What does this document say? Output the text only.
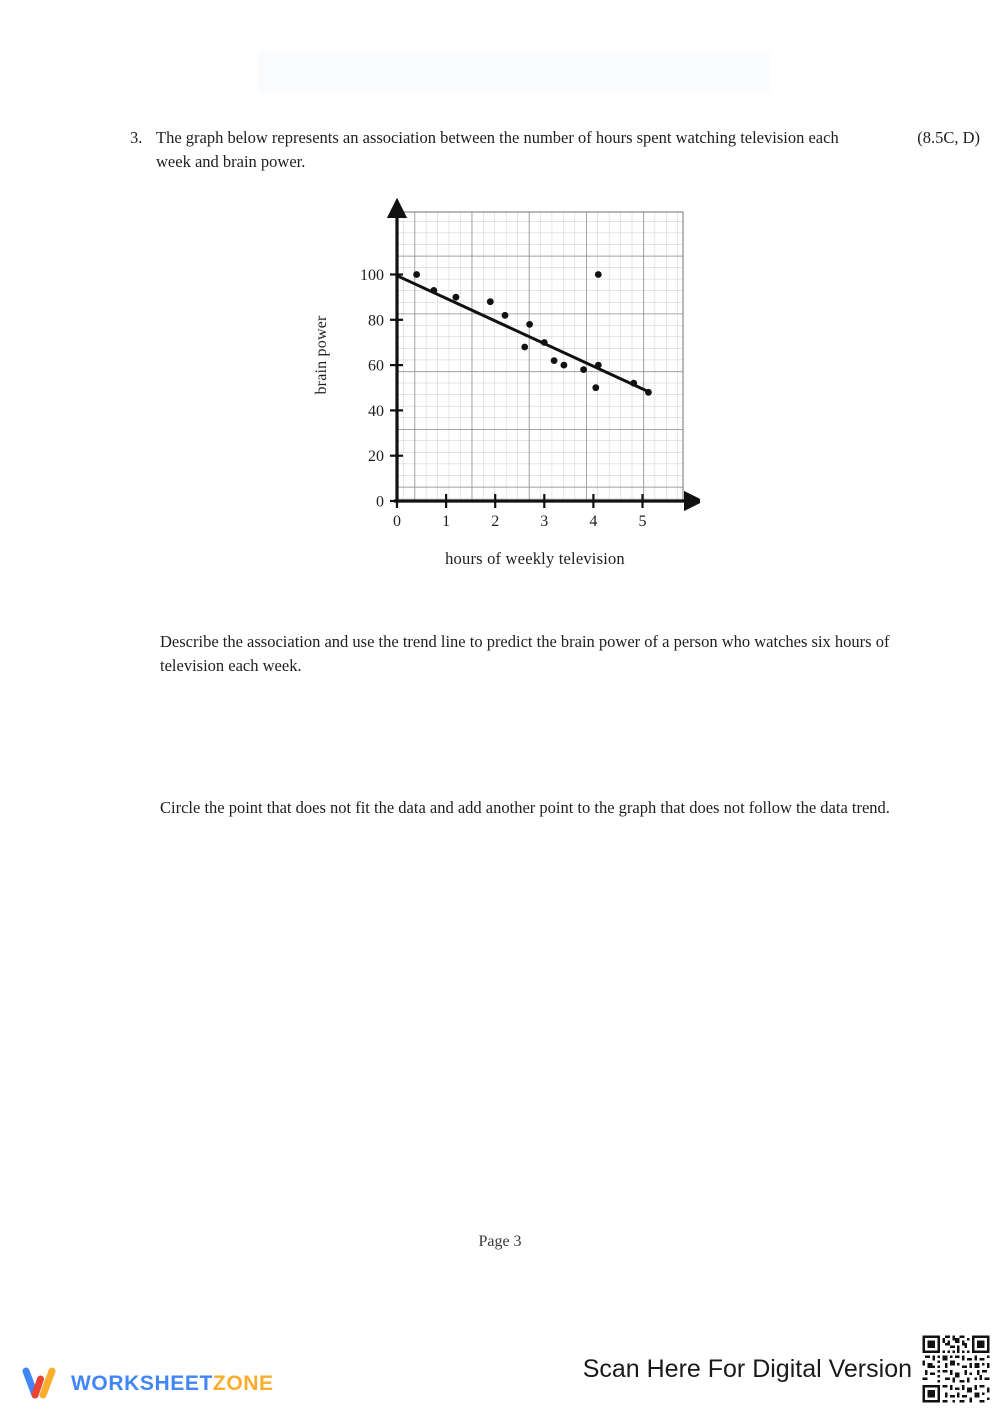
3. The graph below represents an association between the number of hours spent watching television each week and brain power.
(8.5C, D)
0
20
40
60
80
100
0	1	2	3	4	5
brain power
hours of weekly television
Describe the association and use the trend line to predict the brain power of a person who watches six hours of television each week.
Circle the point that does not fit the data and add another point to the graph that does not follow the data trend.
Page 3
WORKSHEETZONE
Scan Here For Digital Version
